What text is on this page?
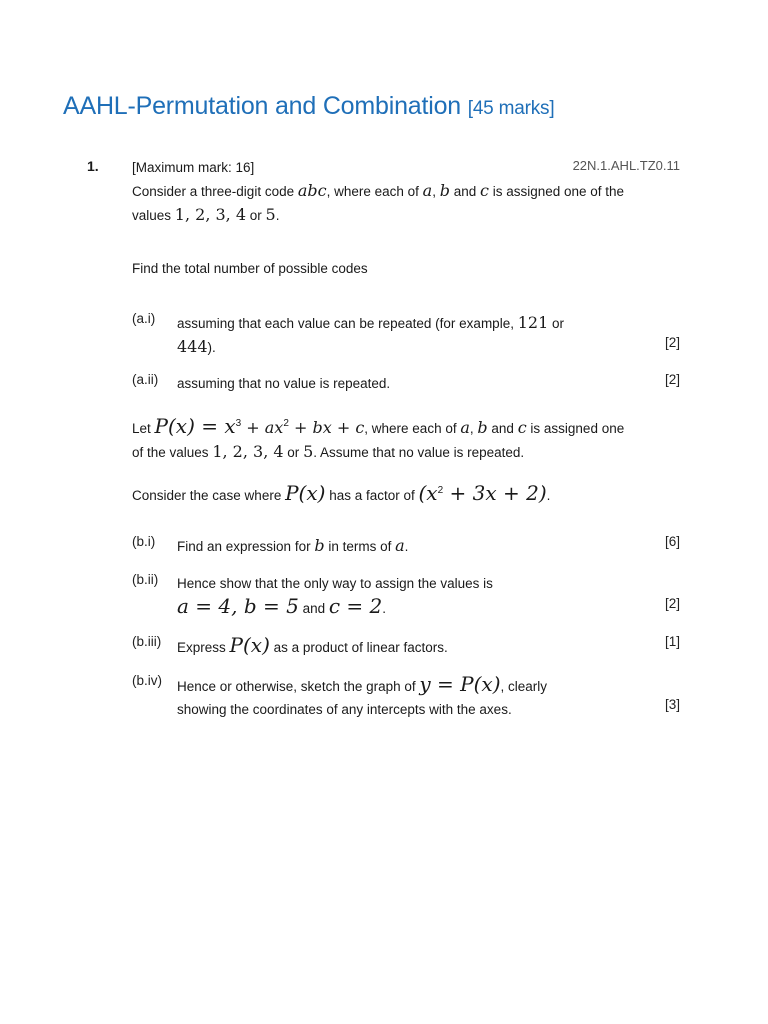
AAHL-Permutation and Combination [45 marks]
1. [Maximum mark: 16]	22N.1.AHL.TZ0.11
Consider a three-digit code abc, where each of a, b and c is assigned one of the
values 1, 2, 3, 4 or 5.
Find the total number of possible codes
(a.i) assuming that each value can be repeated (for example, 121 or
444).	[2]
(a.ii) assuming that no value is repeated.	[2]
Let $P(x) = x^3 + ax^2$ + bx + c, where each of a, b and c is assigned one
of the values 1, 2, 3, 4 or 5. Assume that no value is repeated.
Consider the case where P(x) has a factor of $(x^2 + 3x + 2)$.
(b.i) Find an expression for b in terms of a.	[6]
(b.ii) Hence show that the only way to assign the values is
a = 4, b = 5 and c = 2.	[2]
(b.iii) Express P(x) as a product of linear factors.	[1]
(b.iv) Hence or otherwise, sketch the graph of y = P(x), clearly
showing the coordinates of any intercepts with the axes.	[3]
